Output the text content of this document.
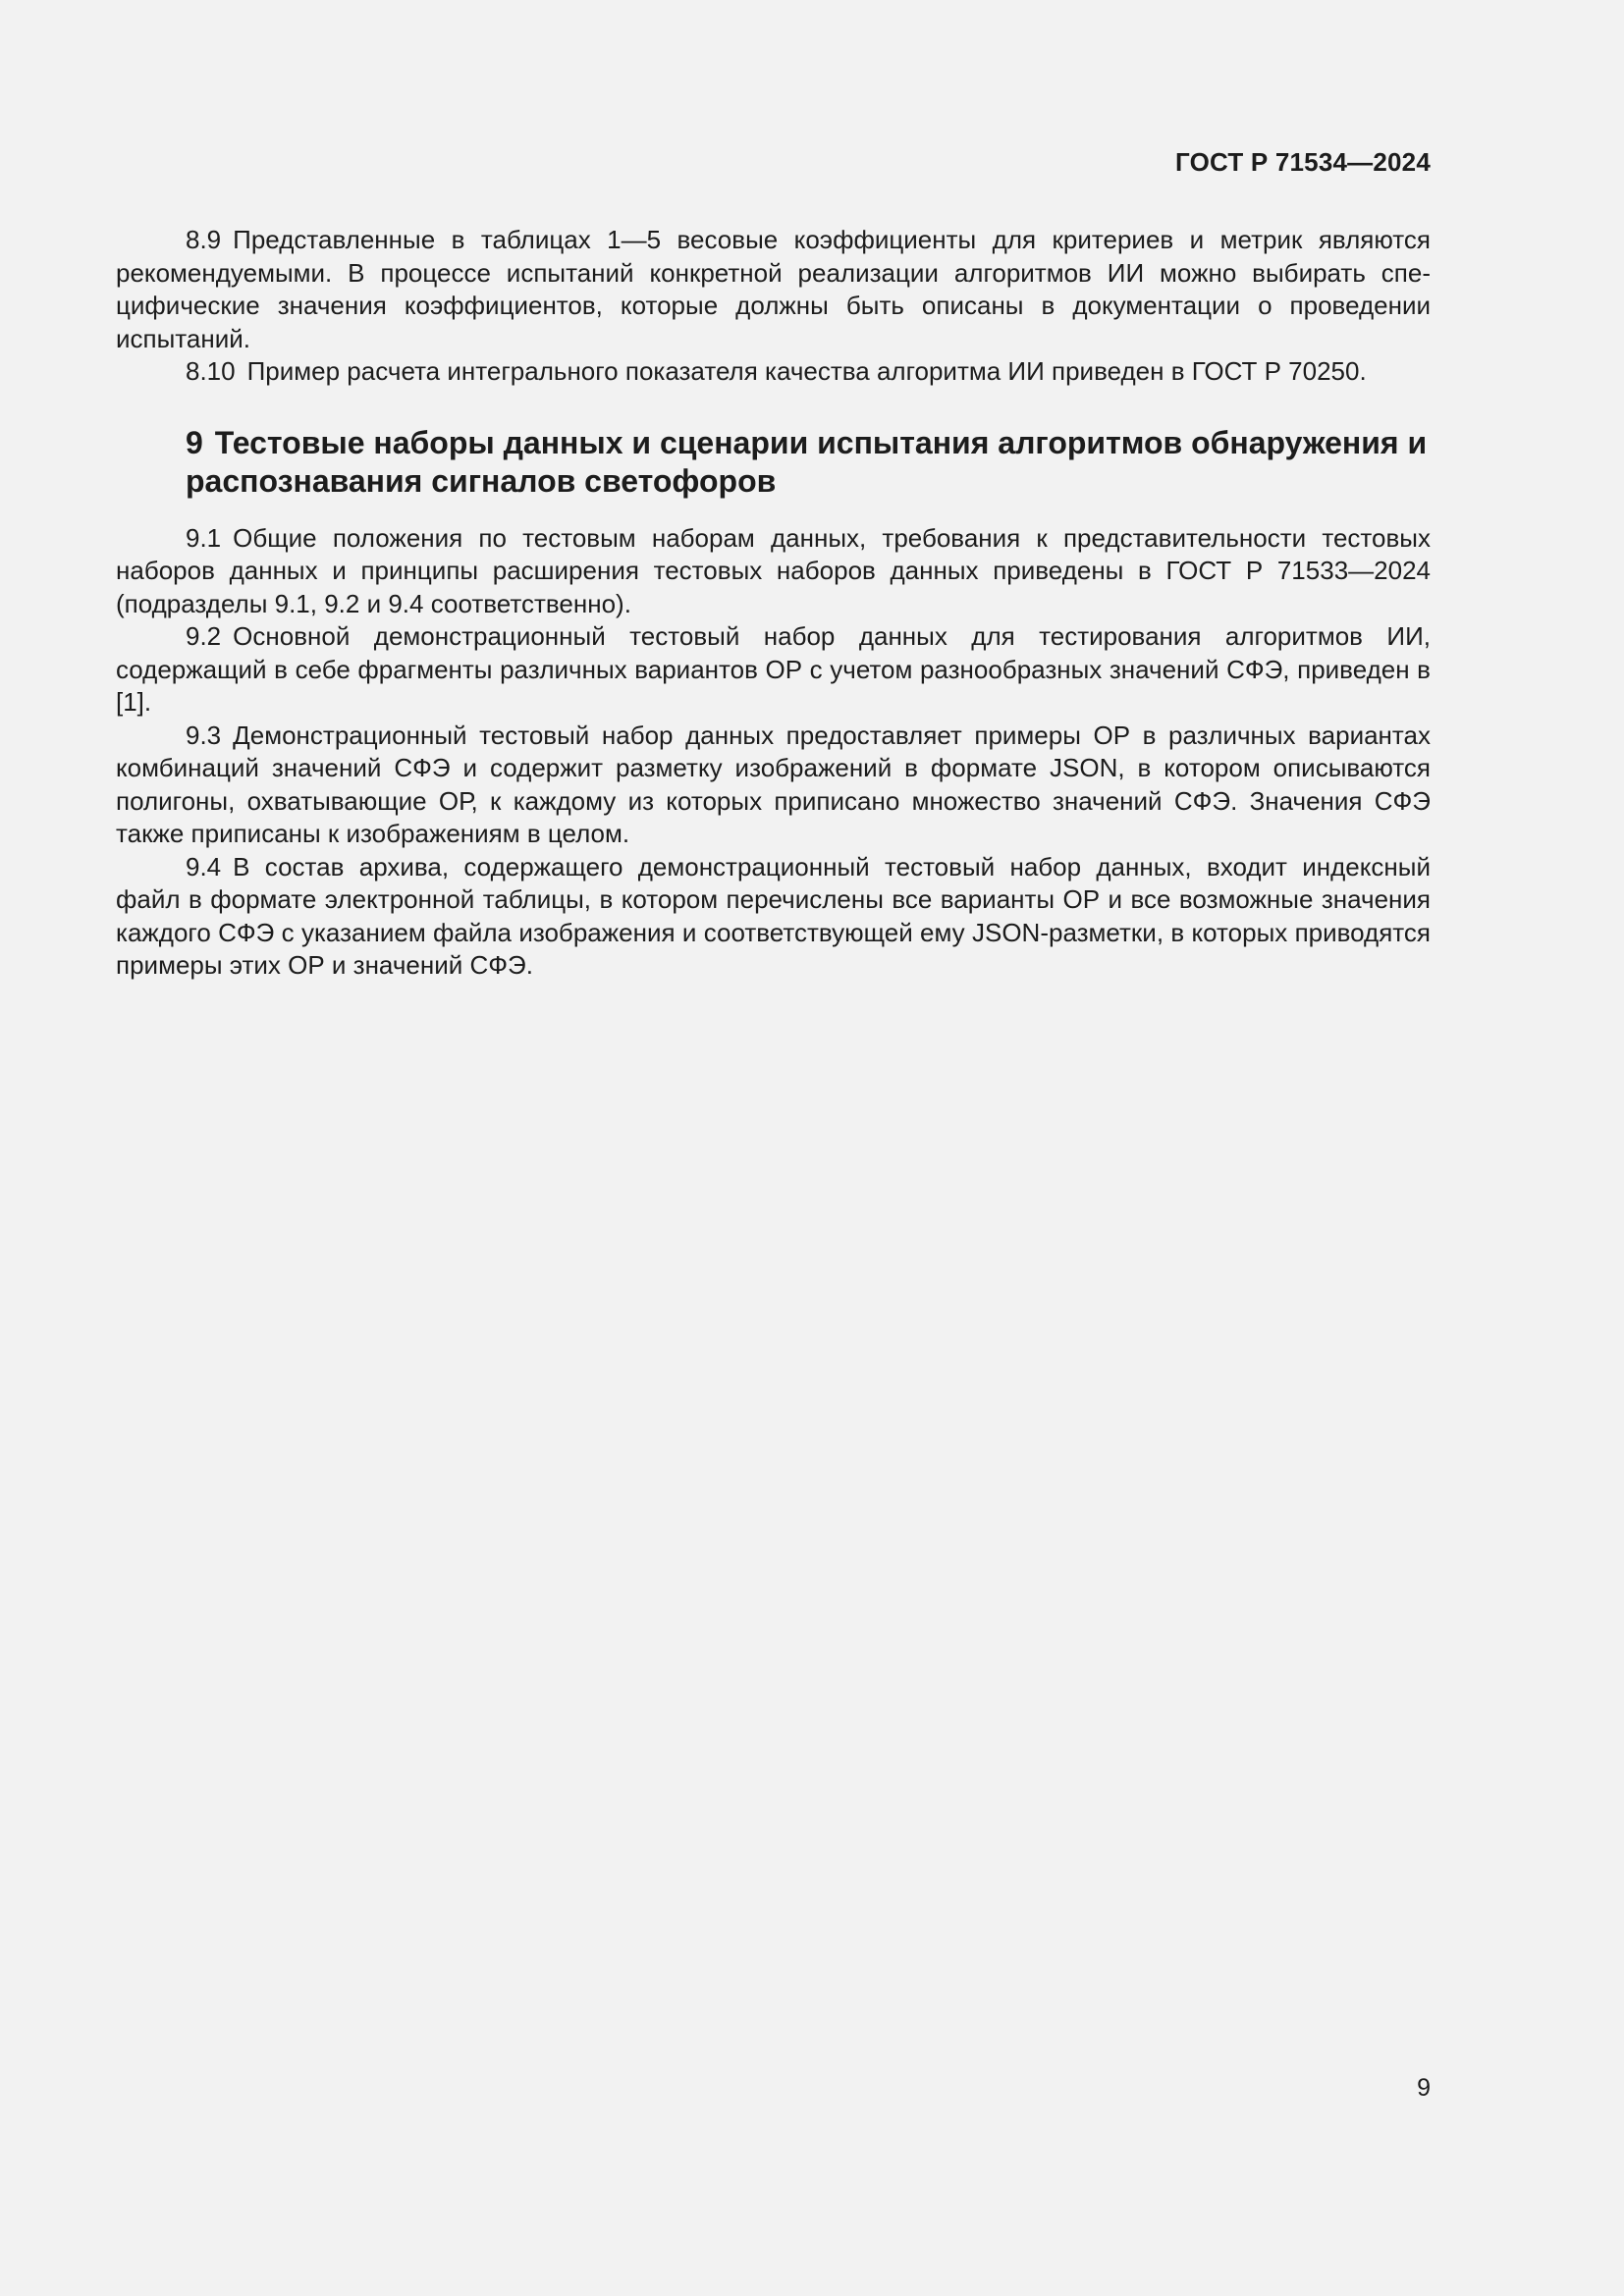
ГОСТ Р 71534—2024

8.9 Представленные в таблицах 1—5 весовые коэффициенты для критериев и метрик являются рекомендуемыми. В процессе испытаний конкретной реализации алгоритмов ИИ можно выбирать специфические значения коэффициентов, которые должны быть описаны в документации о проведении испытаний.

8.10 Пример расчета интегрального показателя качества алгоритма ИИ приведен в ГОСТ Р 70250.

9 Тестовые наборы данных и сценарии испытания алгоритмов обнаружения и распознавания сигналов светофоров

9.1 Общие положения по тестовым наборам данных, требования к представительности тестовых наборов данных и принципы расширения тестовых наборов данных приведены в ГОСТ Р 71533—2024 (подразделы 9.1, 9.2 и 9.4 соответственно).

9.2 Основной демонстрационный тестовый набор данных для тестирования алгоритмов ИИ, содержащий в себе фрагменты различных вариантов ОР с учетом разнообразных значений СФЭ, приведен в [1].

9.3 Демонстрационный тестовый набор данных предоставляет примеры ОР в различных вариантах комбинаций значений СФЭ и содержит разметку изображений в формате JSON, в котором описываются полигоны, охватывающие ОР, к каждому из которых приписано множество значений СФЭ. Значения СФЭ также приписаны к изображениям в целом.

9.4 В состав архива, содержащего демонстрационный тестовый набор данных, входит индексный файл в формате электронной таблицы, в котором перечислены все варианты ОР и все возможные значения каждого СФЭ с указанием файла изображения и соответствующей ему JSON-разметки, в которых приводятся примеры этих ОР и значений СФЭ.

9
